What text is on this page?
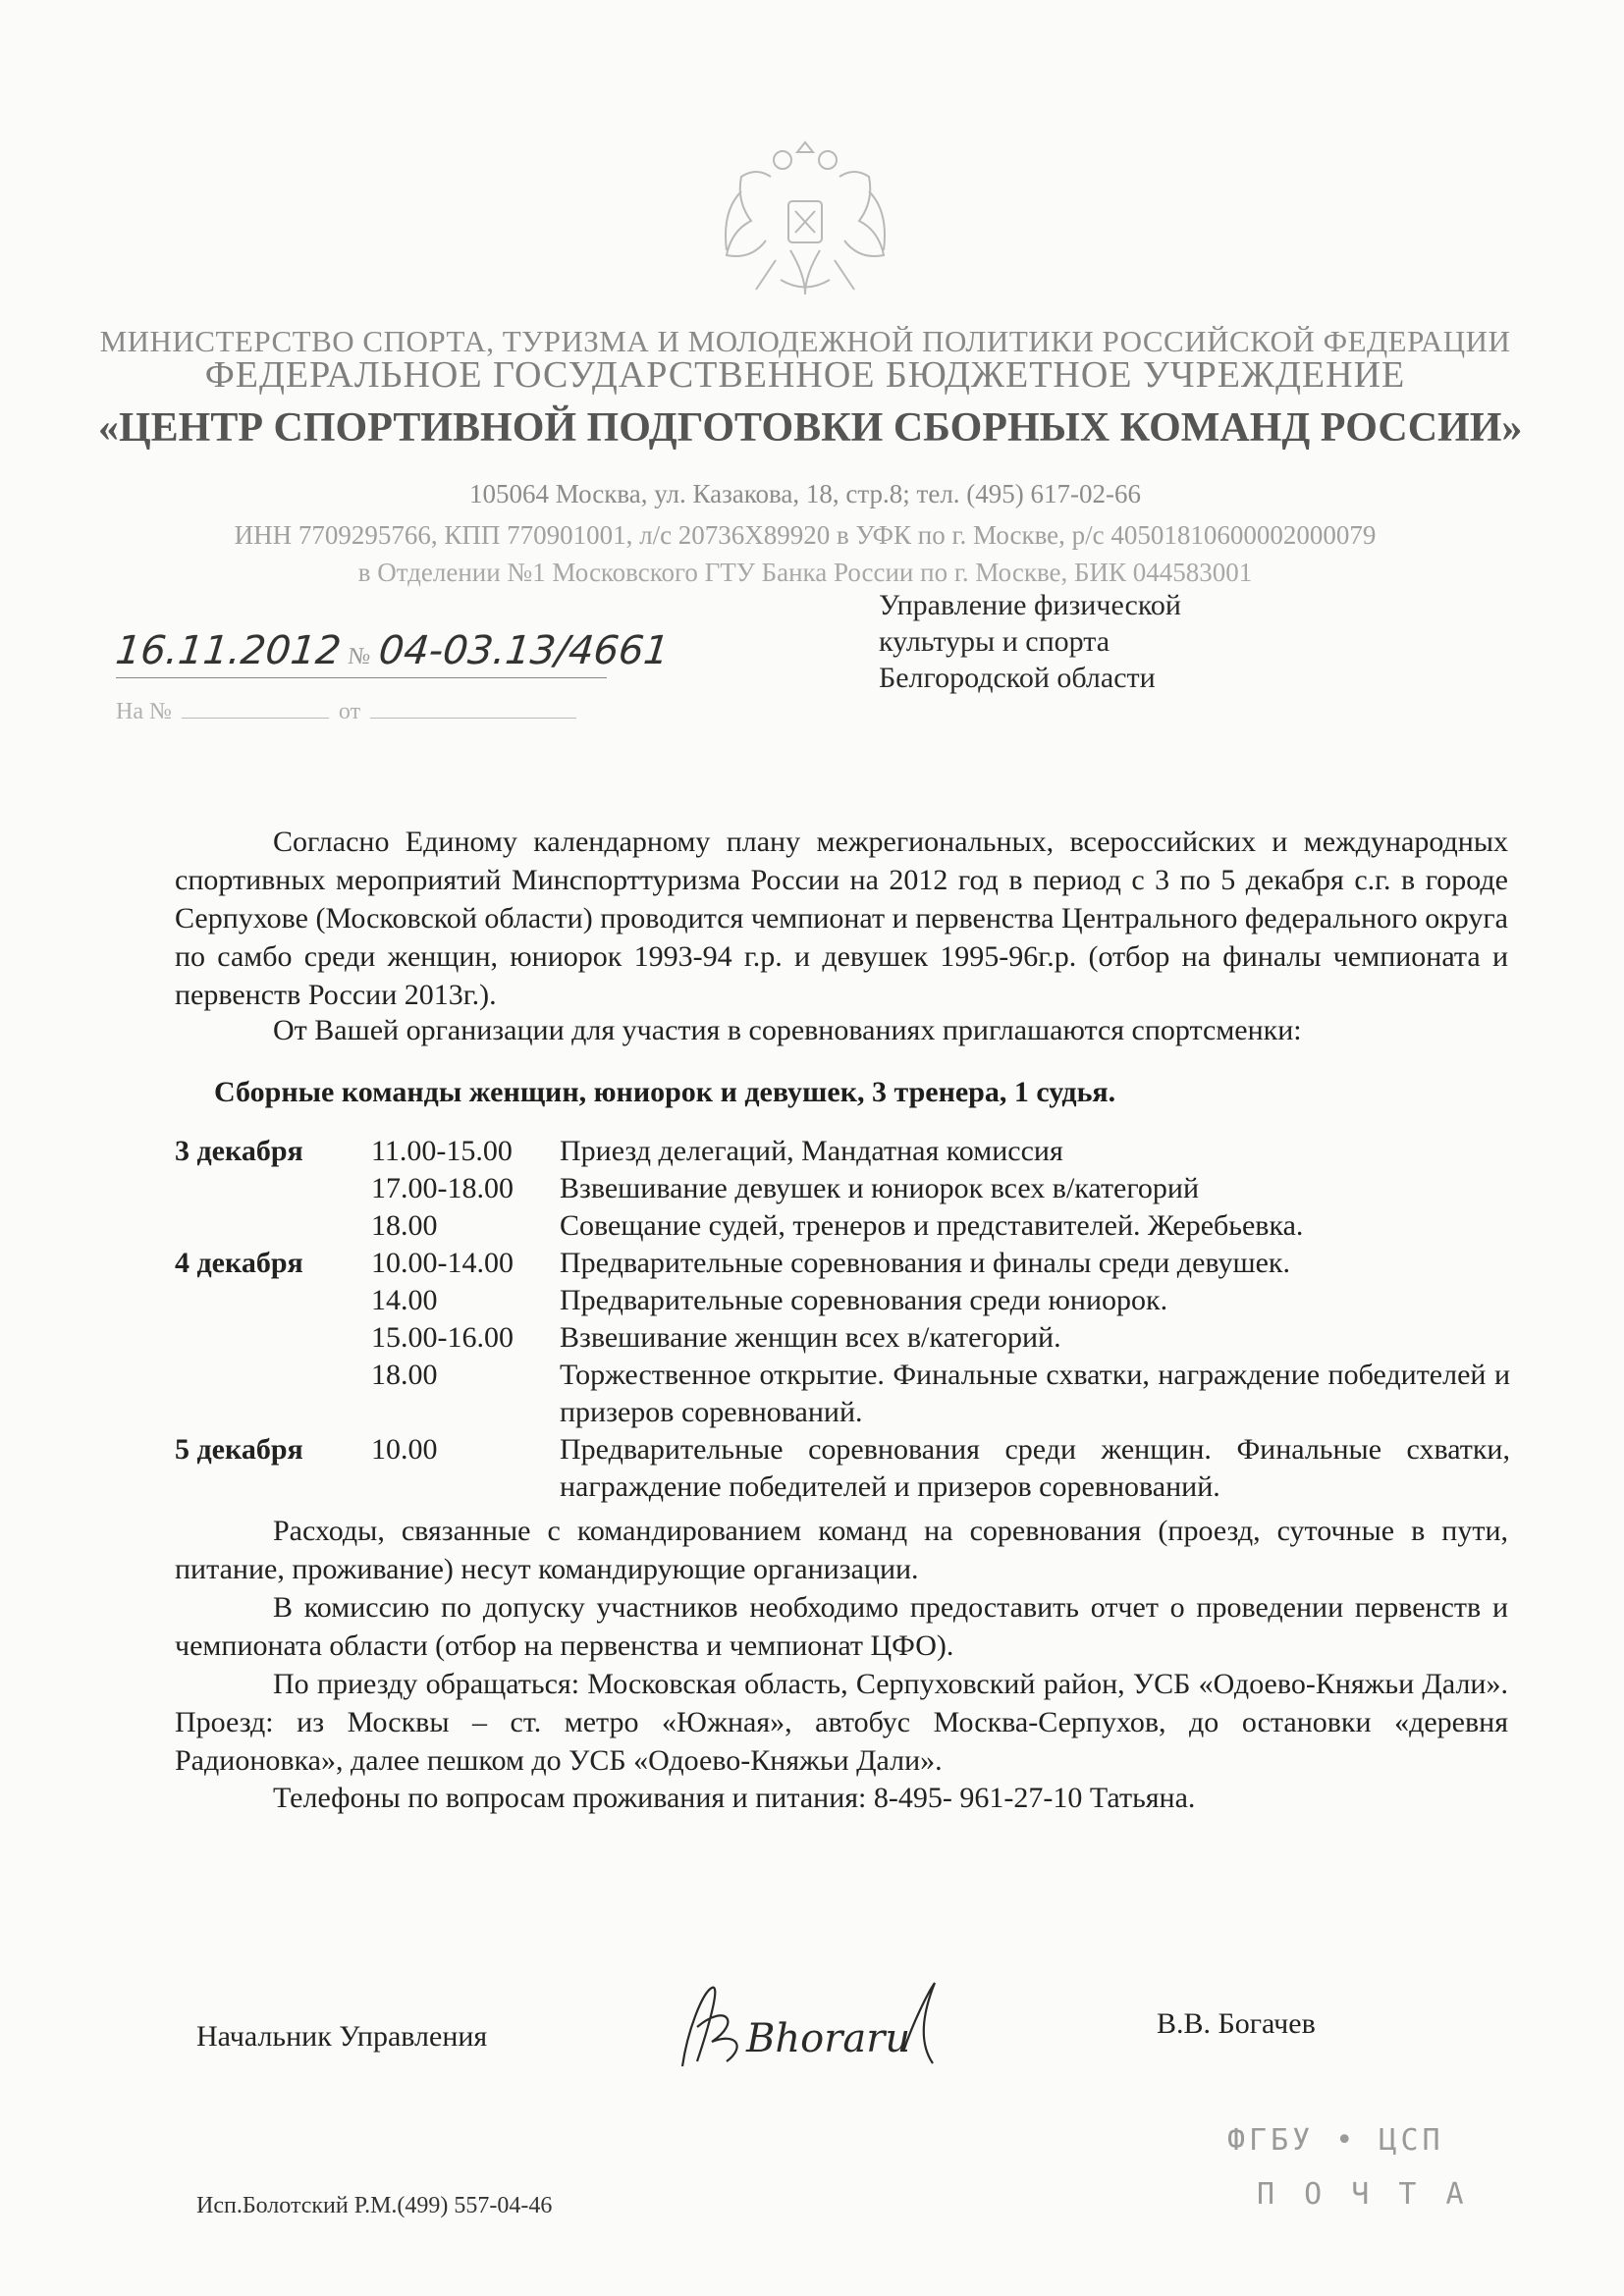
МИНИСТЕРСТВО СПОРТА, ТУРИЗМА И МОЛОДЕЖНОЙ ПОЛИТИКИ РОССИЙСКОЙ ФЕДЕРАЦИИ
ФЕДЕРАЛЬНОЕ ГОСУДАРСТВЕННОЕ БЮДЖЕТНОЕ УЧРЕЖДЕНИЕ
«ЦЕНТР СПОРТИВНОЙ ПОДГОТОВКИ СБОРНЫХ КОМАНД РОССИИ»
105064 Москва, ул. Казакова, 18, стр.8; тел. (495) 617-02-66
ИНН 7709295766, КПП 770901001, л/с 20736Х89920 в УФК по г. Москве, р/с 40501810600002000079
в Отделении №1 Московского ГТУ Банка России по г. Москве, БИК 044583001
Управление физической
культуры и спорта
Белгородской области
16.11.2012 № 04-03.13/4661
На №	от
Согласно Единому календарному плану межрегиональных, всероссийских и международных спортивных мероприятий Минспорттуризма России на 2012 год в период с 3 по 5 декабря с.г. в городе Серпухове (Московской области) проводится чемпионат и первенства Центрального федерального округа по самбо среди женщин, юниорок 1993-94 г.р. и девушек 1995-96г.р. (отбор на финалы чемпионата и первенств России 2013г.).
От Вашей организации для участия в соревнованиях приглашаются спортсменки:
Сборные команды женщин, юниорок и девушек, 3 тренера, 1 судья.
3 декабря	11.00-15.00	Приезд делегаций, Мандатная комиссия
17.00-18.00	Взвешивание девушек и юниорок всех в/категорий
18.00	Совещание судей, тренеров и представителей. Жеребьевка.
4 декабря	10.00-14.00	Предварительные соревнования и финалы среди девушек.
14.00	Предварительные соревнования среди юниорок.
15.00-16.00	Взвешивание женщин всех в/категорий.
18.00	Торжественное открытие. Финальные схватки, награждение победителей и призеров соревнований.
5 декабря	10.00	Предварительные соревнования среди женщин. Финальные схватки, награждение победителей и призеров соревнований.
Расходы, связанные с командированием команд на соревнования (проезд, суточные в пути, питание, проживание) несут командирующие организации.
В комиссию по допуску участников необходимо предоставить отчет о проведении первенств и чемпионата области (отбор на первенства и чемпионат ЦФО).
По приезду обращаться: Московская область, Серпуховский район, УСБ «Одоево-Княжьи Дали». Проезд: из Москвы – ст. метро «Южная», автобус Москва-Серпухов, до остановки «деревня Радионовка», далее пешком до УСБ «Одоево-Княжьи Дали».
Телефоны по вопросам проживания и питания: 8-495- 961-27-10 Татьяна.
Начальник Управления	Bhoraru	В.В. Богачев
ФГБУ • ЦСП
П О Ч Т А
Исп.Болотский Р.М.(499) 557-04-46
